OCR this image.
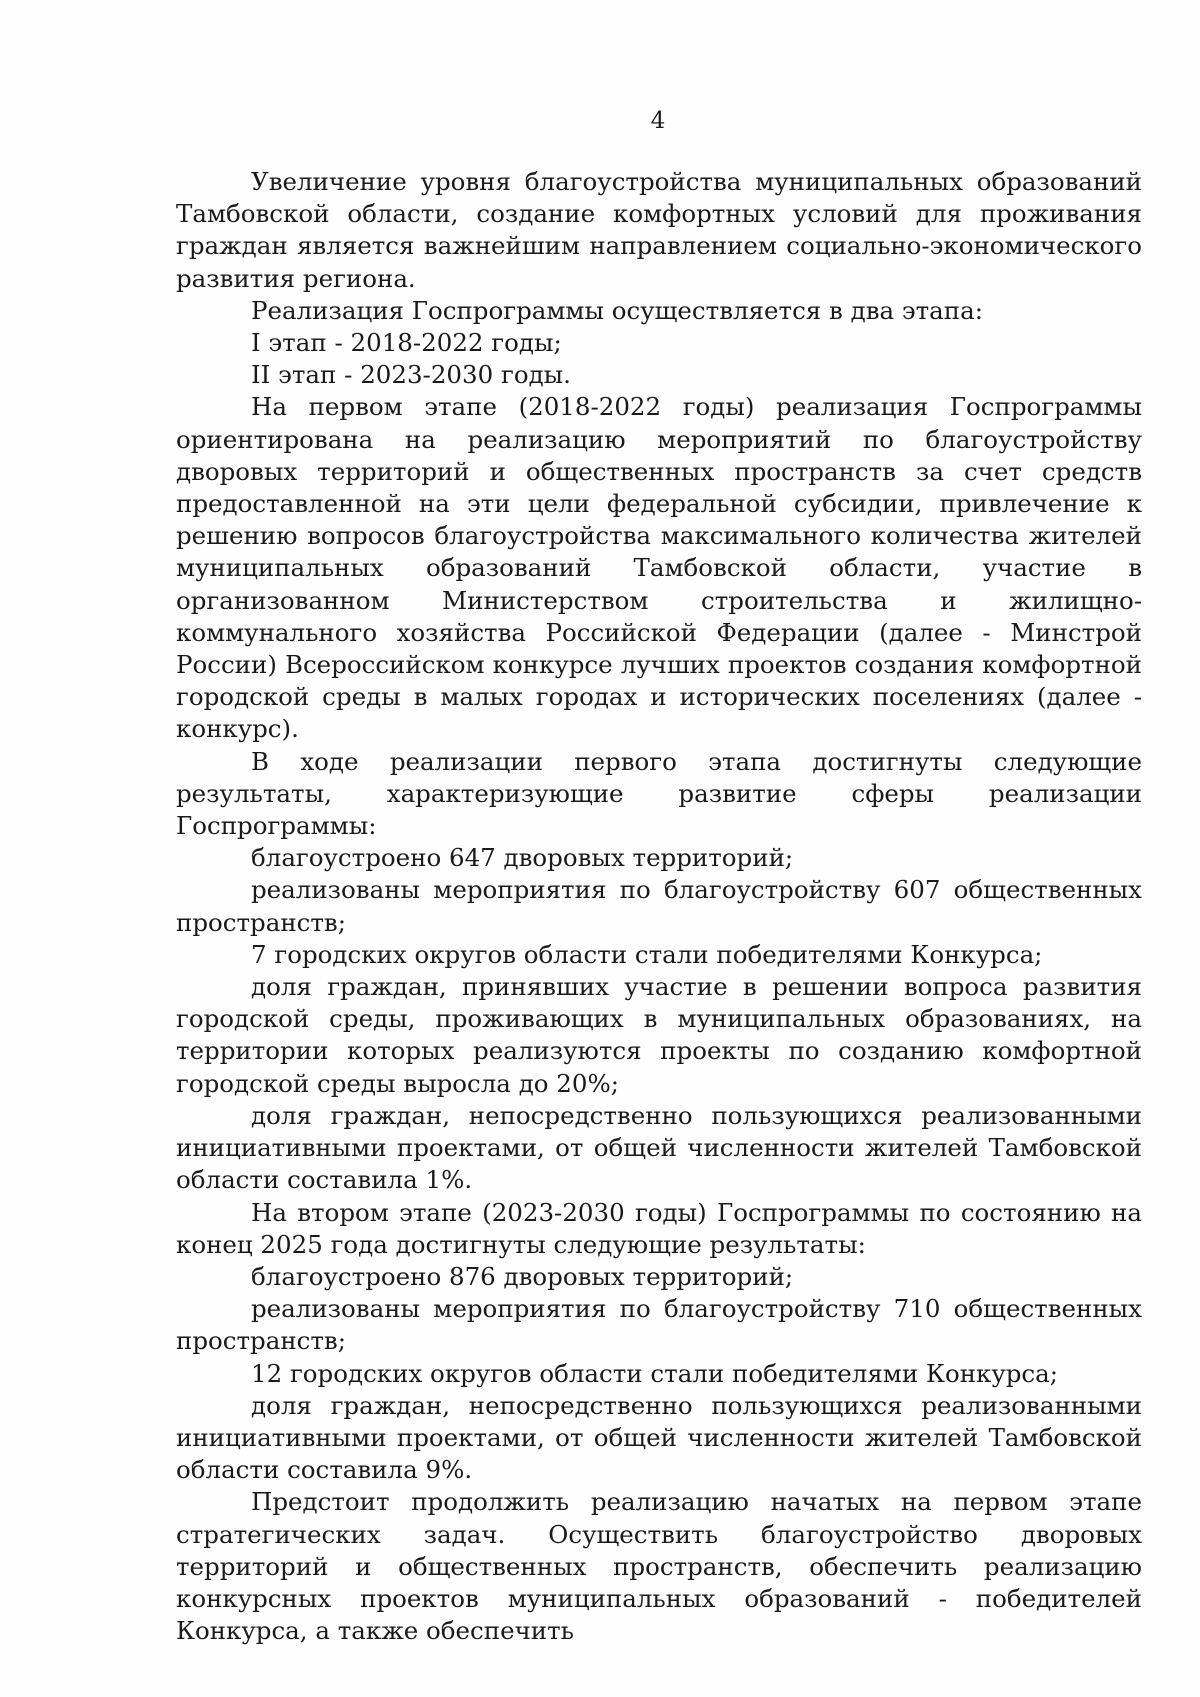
4

Увеличение уровня благоустройства муниципальных образований Тамбовской области, создание комфортных условий для проживания граждан является важнейшим направлением социально-экономического развития региона.

Реализация Госпрограммы осуществляется в два этапа:

I этап - 2018-2022 годы;

II этап - 2023-2030 годы.

На первом этапе (2018-2022 годы) реализация Госпрограммы ориентирована на реализацию мероприятий по благоустройству дворовых территорий и общественных пространств за счет средств предоставленной на эти цели федеральной субсидии, привлечение к решению вопросов благоустройства максимального количества жителей муниципальных образований Тамбовской области, участие в организованном Министерством строительства и жилищно-коммунального хозяйства Российской Федерации (далее - Минстрой России) Всероссийском конкурсе лучших проектов создания комфортной городской среды в малых городах и исторических поселениях (далее - конкурс).

В ходе реализации первого этапа достигнуты следующие результаты, характеризующие развитие сферы реализации Госпрограммы:

благоустроено 647 дворовых территорий;

реализованы мероприятия по благоустройству 607 общественных пространств;

7 городских округов области стали победителями Конкурса;

доля граждан, принявших участие в решении вопроса развития городской среды, проживающих в муниципальных образованиях, на территории которых реализуются проекты по созданию комфортной городской среды выросла до 20%;

доля граждан, непосредственно пользующихся реализованными инициативными проектами, от общей численности жителей Тамбовской области составила 1%.

На втором этапе (2023-2030 годы) Госпрограммы по состоянию на конец 2025 года достигнуты следующие результаты:

благоустроено 876 дворовых территорий;

реализованы мероприятия по благоустройству 710 общественных пространств;

12 городских округов области стали победителями Конкурса;

доля граждан, непосредственно пользующихся реализованными инициативными проектами, от общей численности жителей Тамбовской области составила 9%.

Предстоит продолжить реализацию начатых на первом этапе стратегических задач. Осуществить благоустройство дворовых территорий и общественных пространств, обеспечить реализацию конкурсных проектов муниципальных образований - победителей Конкурса, а также обеспечить
